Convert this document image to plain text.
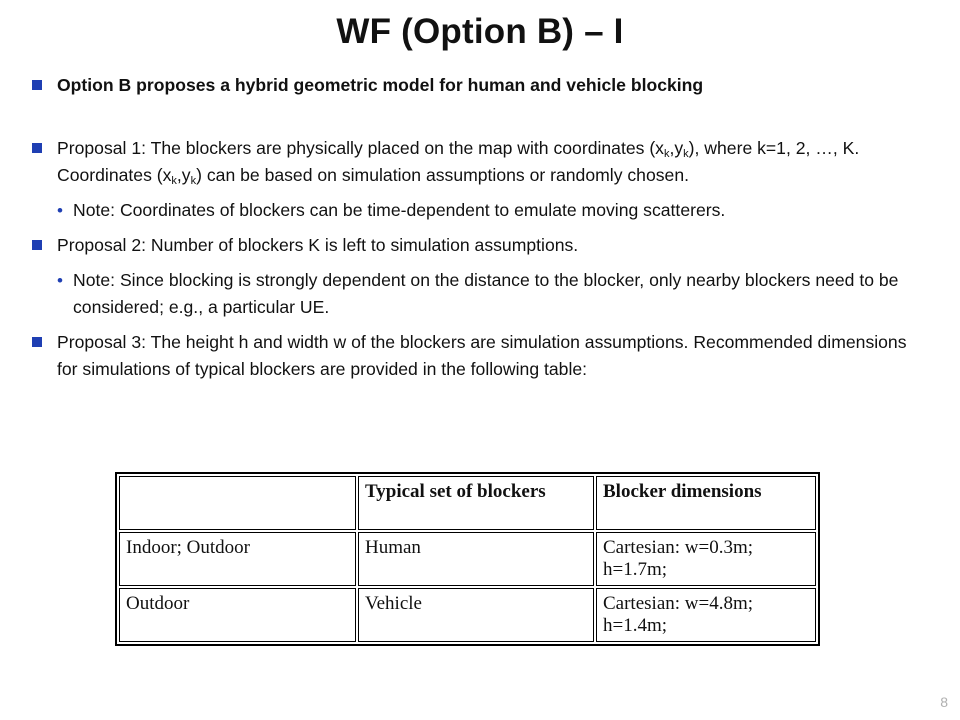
WF (Option B) – I
Option B proposes a hybrid geometric model for human and vehicle blocking
Proposal 1: The blockers are physically placed on the map with coordinates $(x_k,y_k)$, where k=1, 2, …, K. Coordinates $(x_k,y_k)$ can be based on simulation assumptions or randomly chosen.
• Note: Coordinates of blockers can be time-dependent to emulate moving scatterers.
Proposal 2: Number of blockers K is left to simulation assumptions.
• Note: Since blocking is strongly dependent on the distance to the blocker, only nearby blockers need to be considered; e.g., a particular UE.
Proposal 3: The height h and width w of the blockers are simulation assumptions. Recommended dimensions for simulations of typical blockers are provided in the following table:
	Typical set of blockers	Blocker dimensions
Indoor; Outdoor	Human	Cartesian: w=0.3m; h=1.7m;
Outdoor	Vehicle	Cartesian: w=4.8m; h=1.4m;
8
